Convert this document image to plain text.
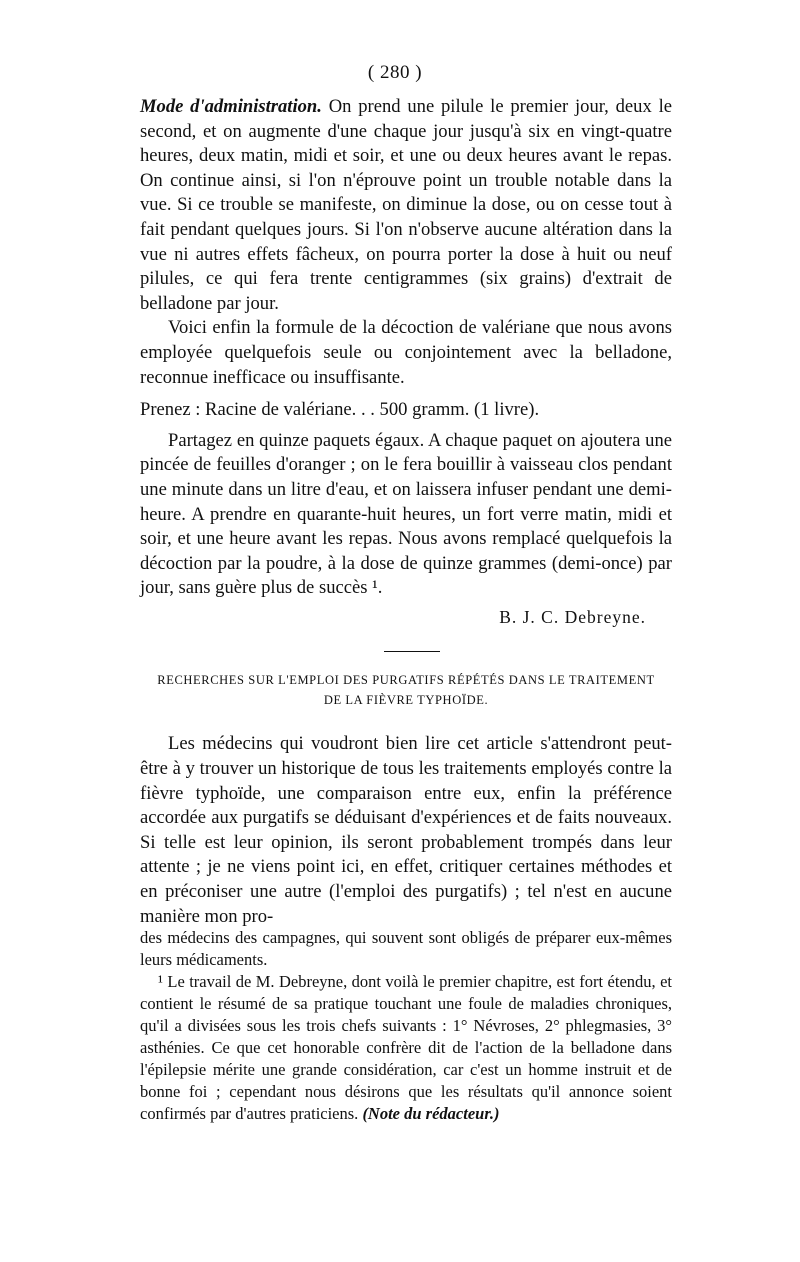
( 280 )

Mode d'administration. On prend une pilule le premier jour, deux le second, et on augmente d'une chaque jour jusqu'à six en vingt-quatre heures, deux matin, midi et soir, et une ou deux heures avant le repas. On continue ainsi, si l'on n'éprouve point un trouble notable dans la vue. Si ce trouble se manifeste, on diminue la dose, ou on cesse tout à fait pendant quelques jours. Si l'on n'observe aucune altération dans la vue ni autres effets fâcheux, on pourra porter la dose à huit ou neuf pilules, ce qui fera trente centigrammes (six grains) d'extrait de belladone par jour.

Voici enfin la formule de la décoction de valériane que nous avons employée quelquefois seule ou conjointement avec la belladone, reconnue inefficace ou insuffisante.

Prenez : Racine de valériane. . . 500 gramm. (1 livre).

Partagez en quinze paquets égaux. A chaque paquet on ajoutera une pincée de feuilles d'oranger ; on le fera bouillir à vaisseau clos pendant une minute dans un litre d'eau, et on laissera infuser pendant une demi-heure. A prendre en quarante-huit heures, un fort verre matin, midi et soir, et une heure avant les repas. Nous avons remplacé quelquefois la décoction par la poudre, à la dose de quinze grammes (demi-once) par jour, sans guère plus de succès ¹.

B. J. C. Debreyne.

RECHERCHES SUR L'EMPLOI DES PURGATIFS RÉPÉTÉS DANS LE TRAITEMENT
DE LA FIÈVRE TYPHOÏDE.

Les médecins qui voudront bien lire cet article s'attendront peut-être à y trouver un historique de tous les traitements employés contre la fièvre typhoïde, une comparaison entre eux, enfin la préférence accordée aux purgatifs se déduisant d'expériences et de faits nouveaux. Si telle est leur opinion, ils seront probablement trompés dans leur attente ; je ne viens point ici, en effet, critiquer certaines méthodes et en préconiser une autre (l'emploi des purgatifs) ; tel n'est en aucune manière mon pro-

des médecins des campagnes, qui souvent sont obligés de préparer eux-mêmes leurs médicaments.

¹ Le travail de M. Debreyne, dont voilà le premier chapitre, est fort étendu, et contient le résumé de sa pratique touchant une foule de maladies chroniques, qu'il a divisées sous les trois chefs suivants : 1° Névroses, 2° phlegmasies, 3° asthénies. Ce que cet honorable confrère dit de l'action de la belladone dans l'épilepsie mérite une grande considération, car c'est un homme instruit et de bonne foi ; cependant nous désirons que les résultats qu'il annonce soient confirmés par d'autres praticiens. (Note du rédacteur.)
